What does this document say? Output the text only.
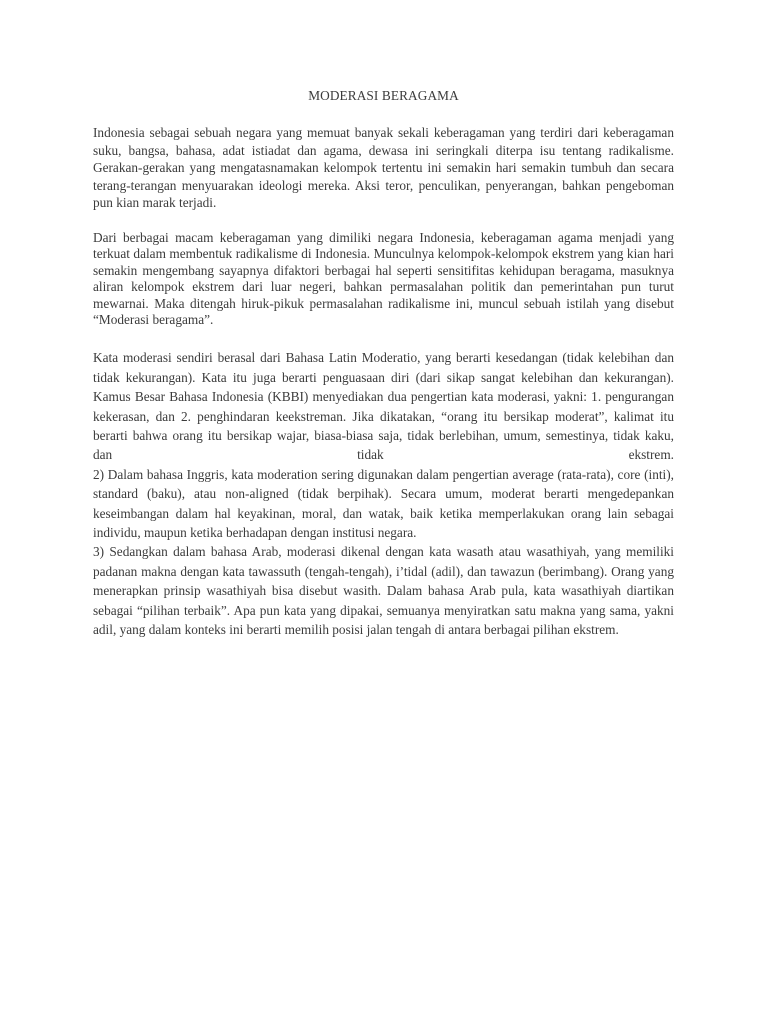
MODERASI BERAGAMA

Indonesia sebagai sebuah negara yang memuat banyak sekali keberagaman yang terdiri dari keberagaman suku, bangsa, bahasa, adat istiadat dan agama, dewasa ini seringkali diterpa isu tentang radikalisme. Gerakan-gerakan yang mengatasnamakan kelompok tertentu ini semakin hari semakin tumbuh dan secara terang-terangan menyuarakan ideologi mereka. Aksi teror, penculikan, penyerangan, bahkan pengeboman pun kian marak terjadi.

Dari berbagai macam keberagaman yang dimiliki negara Indonesia, keberagaman agama menjadi yang terkuat dalam membentuk radikalisme di Indonesia. Munculnya kelompok-kelompok ekstrem yang kian hari semakin mengembang sayapnya difaktori berbagai hal seperti sensitifitas kehidupan beragama, masuknya aliran kelompok ekstrem dari luar negeri, bahkan permasalahan politik dan pemerintahan pun turut mewarnai. Maka ditengah hiruk-pikuk permasalahan radikalisme ini, muncul sebuah istilah yang disebut “Moderasi beragama”.

Kata moderasi sendiri berasal dari Bahasa Latin Moderatio, yang berarti kesedangan (tidak kelebihan dan tidak kekurangan). Kata itu juga berarti penguasaan diri (dari sikap sangat kelebihan dan kekurangan). Kamus Besar Bahasa Indonesia (KBBI) menyediakan dua pengertian kata moderasi, yakni: 1. pengurangan kekerasan, dan 2. penghindaran keekstreman. Jika dikatakan, “orang itu bersikap moderat”, kalimat itu berarti bahwa orang itu bersikap wajar, biasa-biasa saja, tidak berlebihan, umum, semestinya, tidak kaku, dan tidak ekstrem.

2) Dalam bahasa Inggris, kata moderation sering digunakan dalam pengertian average (rata-rata), core (inti), standard (baku), atau non-aligned (tidak berpihak). Secara umum, moderat berarti mengedepankan keseimbangan dalam hal keyakinan, moral, dan watak, baik ketika memperlakukan orang lain sebagai individu, maupun ketika berhadapan dengan institusi negara.

3) Sedangkan dalam bahasa Arab, moderasi dikenal dengan kata wasath atau wasathiyah, yang memiliki padanan makna dengan kata tawassuth (tengah-tengah), i’tidal (adil), dan tawazun (berimbang). Orang yang menerapkan prinsip wasathiyah bisa disebut wasith. Dalam bahasa Arab pula, kata wasathiyah diartikan sebagai “pilihan terbaik”. Apa pun kata yang dipakai, semuanya menyiratkan satu makna yang sama, yakni adil, yang dalam konteks ini berarti memilih posisi jalan tengah di antara berbagai pilihan ekstrem.
